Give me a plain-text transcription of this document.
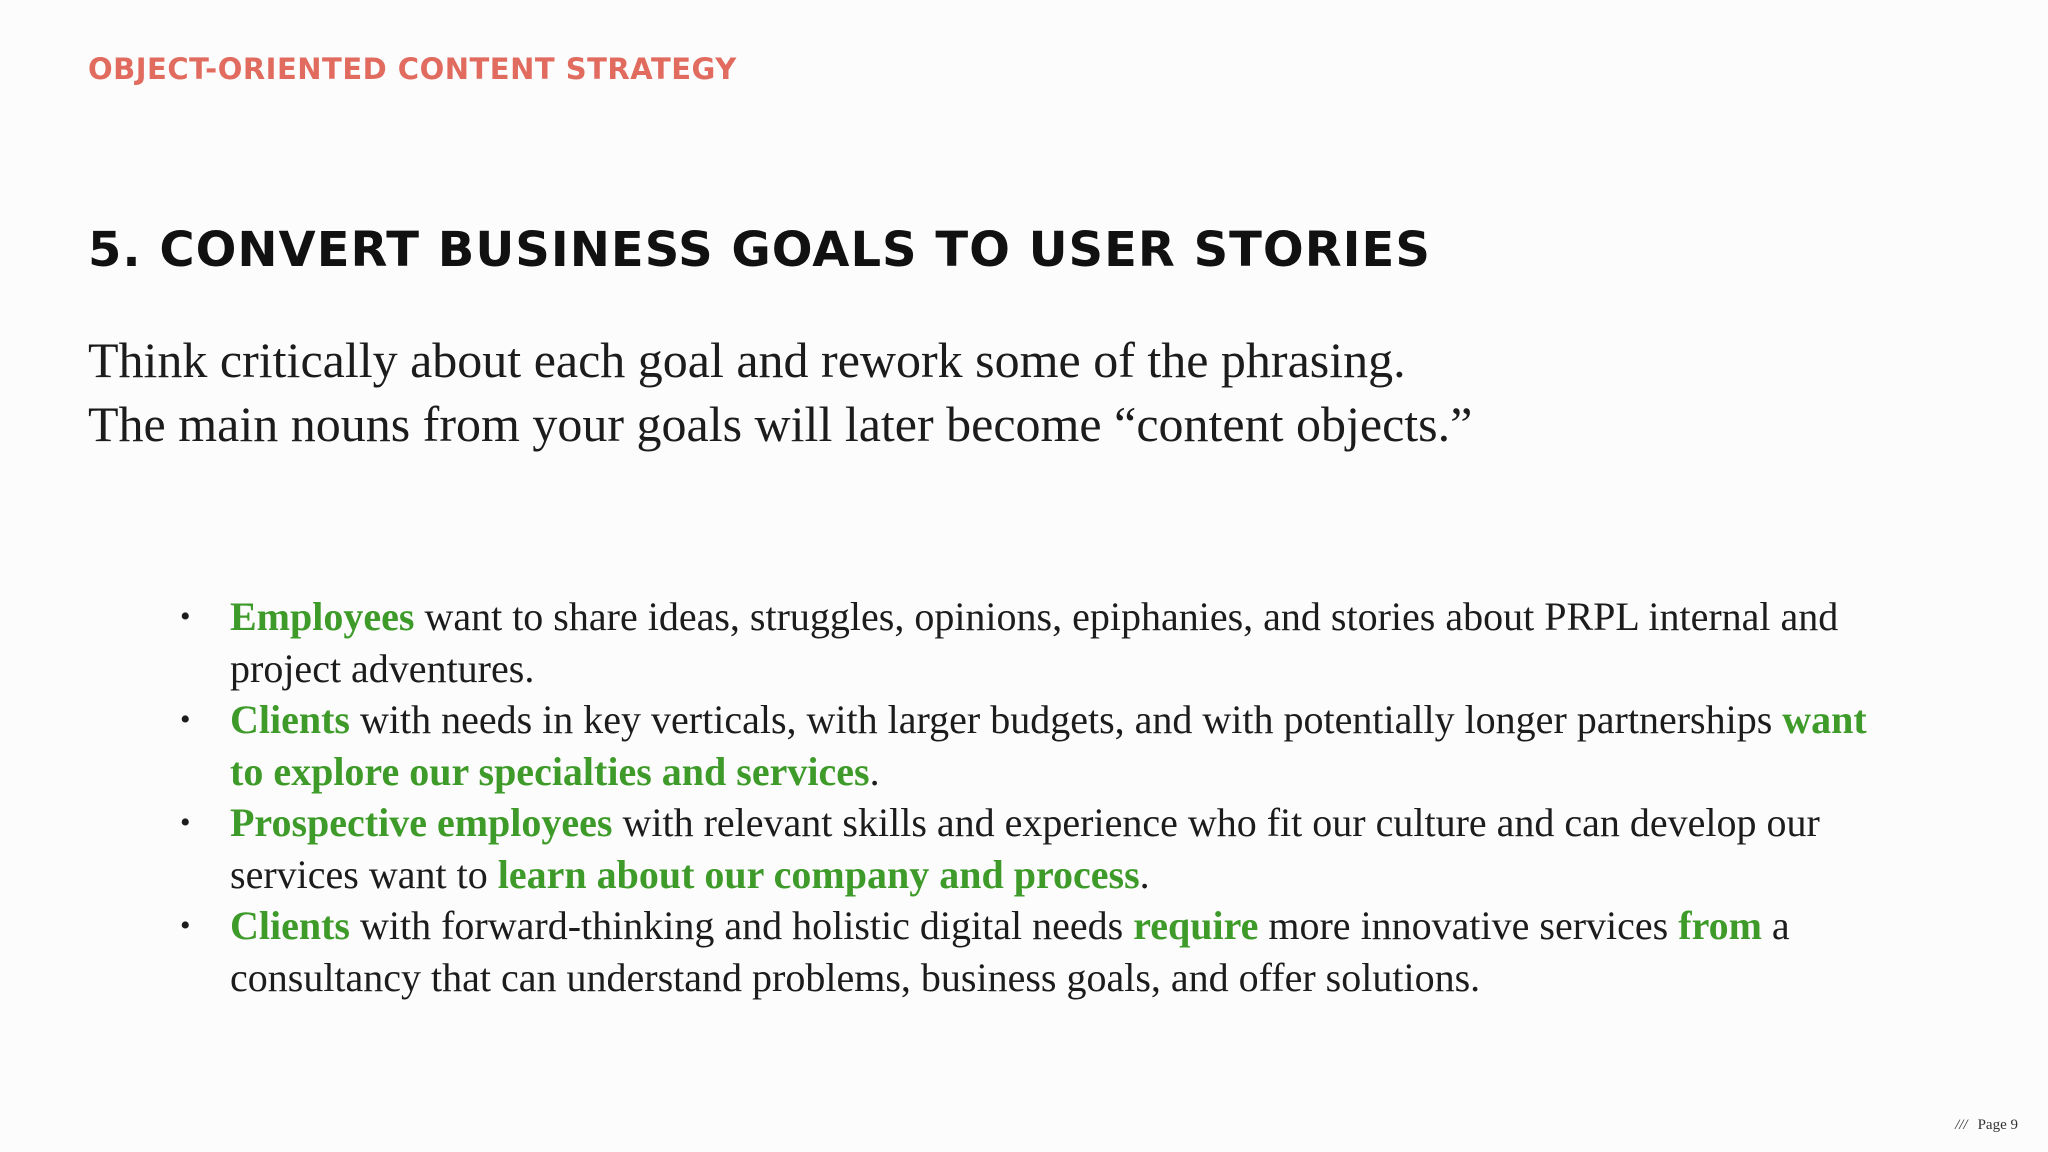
OBJECT-ORIENTED CONTENT STRATEGY
5. CONVERT BUSINESS GOALS TO USER STORIES

Think critically about each goal and rework some of the phrasing.
The main nouns from your goals will later become “content objects.”

• Employees want to share ideas, struggles, opinions, epiphanies, and stories about PRPL internal and project adventures.
• Clients with needs in key verticals, with larger budgets, and with potentially longer partnerships want to explore our specialties and services.
• Prospective employees with relevant skills and experience who fit our culture and can develop our services want to learn about our company and process.
• Clients with forward-thinking and holistic digital needs require more innovative services from a consultancy that can understand problems, business goals, and offer solutions.
/// Page 9
